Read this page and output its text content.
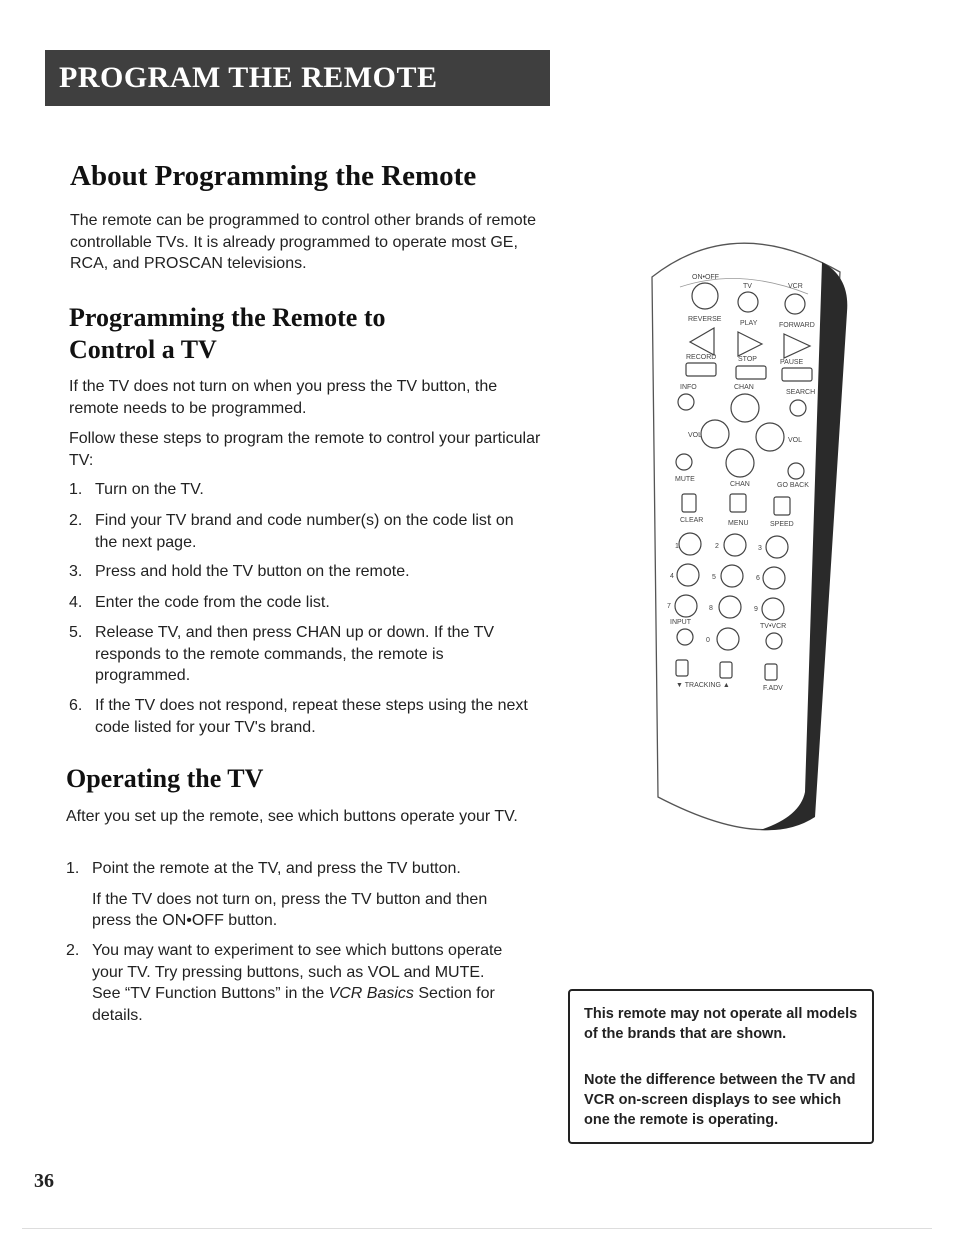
PROGRAM THE REMOTE
About Programming the Remote

The remote can be programmed to control other brands of remote controllable TVs. It is already programmed to operate most GE, RCA, and PROSCAN televisions.

Programming the Remote to
Control a TV

If the TV does not turn on when you press the TV button, the remote needs to be programmed.

Follow these steps to program the remote to control your particular TV:

1. Turn on the TV.
2. Find your TV brand and code number(s) on the code list on the next page.
3. Press and hold the TV button on the remote.
4. Enter the code from the code list.
5. Release TV, and then press CHAN up or down. If the TV responds to the remote commands, the remote is programmed.
6. If the TV does not respond, repeat these steps using the next code listed for your TV's brand.
Operating the TV

After you set up the remote, see which buttons operate your TV.

1. Point the remote at the TV, and press the TV button.
If the TV does not turn on, press the TV button and then press the ON•OFF button.
2. You may want to experiment to see which buttons operate your TV. Try pressing buttons, such as VOL and MUTE. See “TV Function Buttons” in the VCR Basics Section for details.
ON•OFF
TV	VCR
REVERSE
PLAY	FORWARD
RECORD	STOP	PAUSE
INFO	CHAN
SEARCH
VOL
VOL
MUTE
CHAN	GO BACK
CLEAR	MENU	SPEED
1	2	3
4	5	6
7	8	9
INPUT
0
TV•VCR
▼ TRACKING ▲	F.ADV

This remote may not operate all models of the brands that are shown.

Note the difference between the TV and VCR on-screen displays to see which one the remote is operating.

36
